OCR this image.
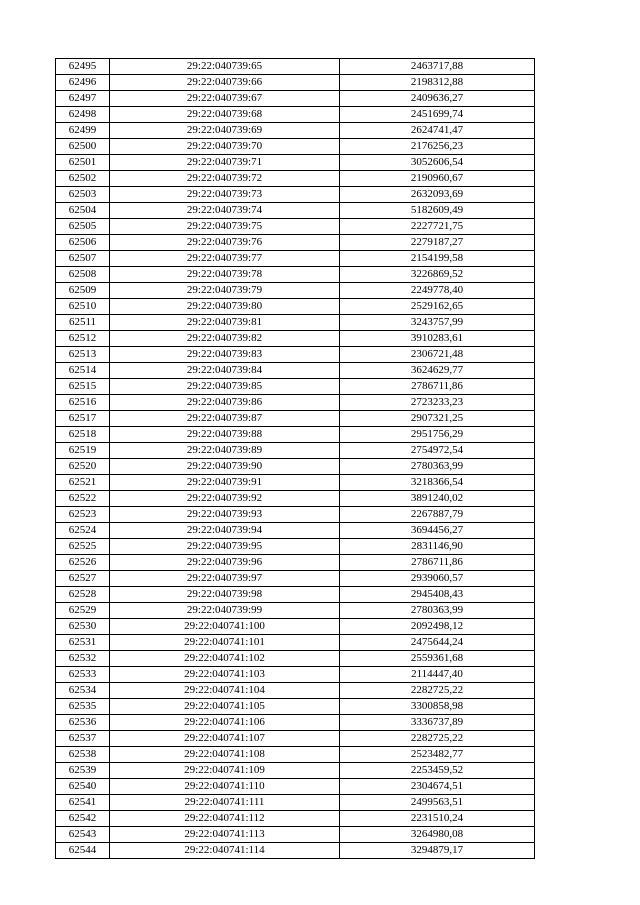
62495	29:22:040739:65	2463717,88
62496	29:22:040739:66	2198312,88
62497	29:22:040739:67	2409636,27
62498	29:22:040739:68	2451699,74
62499	29:22:040739:69	2624741,47
62500	29:22:040739:70	2176256,23
62501	29:22:040739:71	3052606,54
62502	29:22:040739:72	2190960,67
62503	29:22:040739:73	2632093,69
62504	29:22:040739:74	5182609,49
62505	29:22:040739:75	2227721,75
62506	29:22:040739:76	2279187,27
62507	29:22:040739:77	2154199,58
62508	29:22:040739:78	3226869,52
62509	29:22:040739:79	2249778,40
62510	29:22:040739:80	2529162,65
62511	29:22:040739:81	3243757,99
62512	29:22:040739:82	3910283,61
62513	29:22:040739:83	2306721,48
62514	29:22:040739:84	3624629,77
62515	29:22:040739:85	2786711,86
62516	29:22:040739:86	2723233,23
62517	29:22:040739:87	2907321,25
62518	29:22:040739:88	2951756,29
62519	29:22:040739:89	2754972,54
62520	29:22:040739:90	2780363,99
62521	29:22:040739:91	3218366,54
62522	29:22:040739:92	3891240,02
62523	29:22:040739:93	2267887,79
62524	29:22:040739:94	3694456,27
62525	29:22:040739:95	2831146,90
62526	29:22:040739:96	2786711,86
62527	29:22:040739:97	2939060,57
62528	29:22:040739:98	2945408,43
62529	29:22:040739:99	2780363,99
62530	29:22:040741:100	2092498,12
62531	29:22:040741:101	2475644,24
62532	29:22:040741:102	2559361,68
62533	29:22:040741:103	2114447,40
62534	29:22:040741:104	2282725,22
62535	29:22:040741:105	3300858,98
62536	29:22:040741:106	3336737,89
62537	29:22:040741:107	2282725,22
62538	29:22:040741:108	2523482,77
62539	29:22:040741:109	2253459,52
62540	29:22:040741:110	2304674,51
62541	29:22:040741:111	2499563,51
62542	29:22:040741:112	2231510,24
62543	29:22:040741:113	3264980,08
62544	29:22:040741:114	3294879,17
